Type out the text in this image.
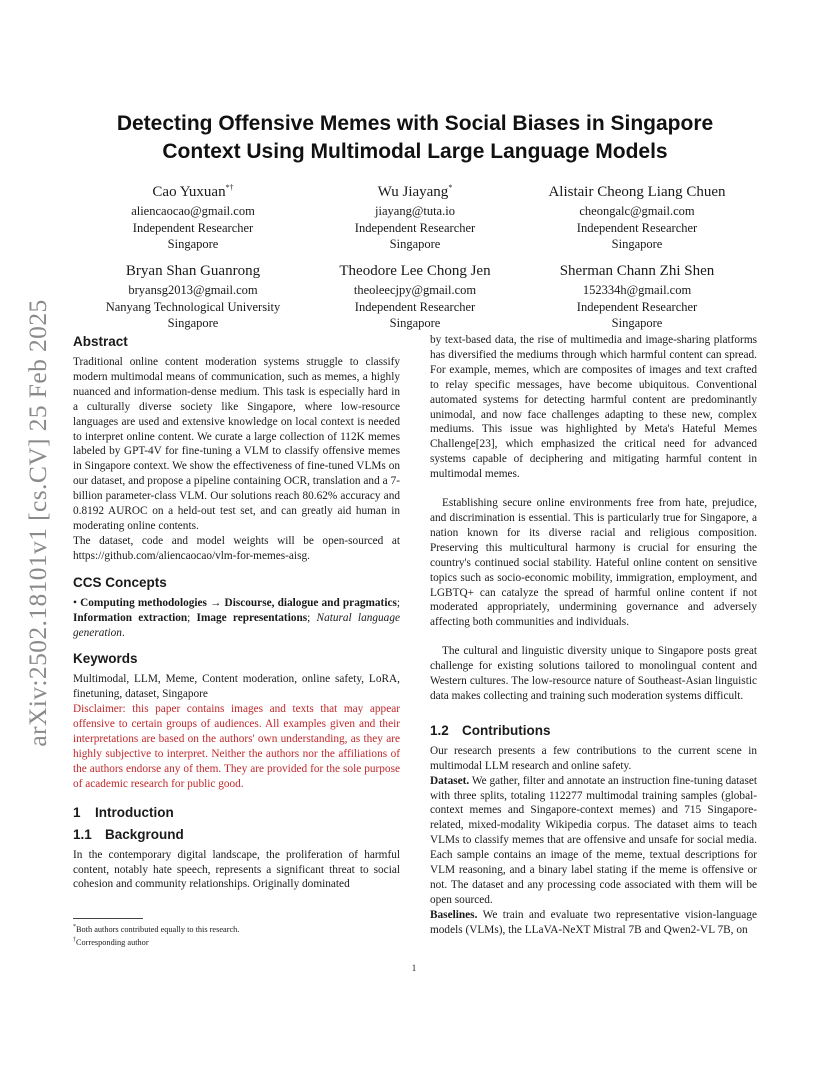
arXiv:2502.18101v1 [cs.CV] 25 Feb 2025
Detecting Offensive Memes with Social Biases in Singapore
Context Using Multimodal Large Language Models
Cao Yuxuan*†
aliencaocao@gmail.com
Independent Researcher
Singapore
Wu Jiayang*
jiayang@tuta.io
Independent Researcher
Singapore
Alistair Cheong Liang Chuen
cheongalc@gmail.com
Independent Researcher
Singapore
Bryan Shan Guanrong
bryansg2013@gmail.com
Nanyang Technological University
Singapore
Theodore Lee Chong Jen
theoleecjpy@gmail.com
Independent Researcher
Singapore
Sherman Chann Zhi Shen
152334h@gmail.com
Independent Researcher
Singapore
Abstract

Traditional online content moderation systems struggle to classify modern multimodal means of communication, such as memes, a highly nuanced and information-dense medium. This task is especially hard in a culturally diverse society like Singapore, where low-resource languages are used and extensive knowledge on local context is needed to interpret online content. We curate a large collection of 112K memes labeled by GPT-4V for fine-tuning a VLM to classify offensive memes in Singapore context. We show the effectiveness of fine-tuned VLMs on our dataset, and propose a pipeline containing OCR, translation and a 7-billion parameter-class VLM. Our solutions reach 80.62% accuracy and 0.8192 AUROC on a held-out test set, and can greatly aid human in moderating online contents.

The dataset, code and model weights will be open-sourced at https://github.com/aliencaocao/vlm-for-memes-aisg.

CCS Concepts

• Computing methodologies → Discourse, dialogue and pragmatics; Information extraction; Image representations; Natural language generation.

Keywords

Multimodal, LLM, Meme, Content moderation, online safety, LoRA, finetuning, dataset, Singapore

Disclaimer: this paper contains images and texts that may appear offensive to certain groups of audiences. All examples given and their interpretations are based on the authors' own understanding, as they are highly subjective to interpret. Neither the authors nor the affiliations of the authors endorse any of them. They are provided for the sole purpose of academic research for public good.

1 Introduction
1.1 Background

In the contemporary digital landscape, the proliferation of harmful content, notably hate speech, represents a significant threat to social cohesion and community relationships. Originally dominated

*Both authors contributed equally to this research.
†Corresponding author

by text-based data, the rise of multimedia and image-sharing platforms has diversified the mediums through which harmful content can spread. For example, memes, which are composites of images and text crafted to relay specific messages, have become ubiquitous. Conventional automated systems for detecting harmful content are predominantly unimodal, and now face challenges adapting to these new, complex mediums. This issue was highlighted by Meta's Hateful Memes Challenge[23], which emphasized the critical need for advanced systems capable of deciphering and mitigating harmful content in multimodal memes.

Establishing secure online environments free from hate, prejudice, and discrimination is essential. This is particularly true for Singapore, a nation known for its diverse racial and religious composition. Preserving this multicultural harmony is crucial for ensuring the country's continued social stability. Hateful online content on sensitive topics such as socio-economic mobility, immigration, employment, and LGBTQ+ can catalyze the spread of harmful online content if not moderated appropriately, undermining governance and adversely affecting both communities and individuals.

The cultural and linguistic diversity unique to Singapore posts great challenge for existing solutions tailored to monolingual content and Western cultures. The low-resource nature of Southeast-Asian linguistic data makes collecting and training such moderation systems difficult.

1.2 Contributions

Our research presents a few contributions to the current scene in multimodal LLM research and online safety.

Dataset. We gather, filter and annotate an instruction fine-tuning dataset with three splits, totaling 112277 multimodal training samples (global-context memes and Singapore-context memes) and 715 Singapore-related, mixed-modality Wikipedia corpus. The dataset aims to teach VLMs to classify memes that are offensive and unsafe for social media. Each sample contains an image of the meme, textual descriptions for VLM reasoning, and a binary label stating if the meme is offensive or not. The dataset and any processing code associated with them will be open sourced.

Baselines. We train and evaluate two representative vision-language models (VLMs), the LLaVA-NeXT Mistral 7B and Qwen2-VL 7B, on

1
